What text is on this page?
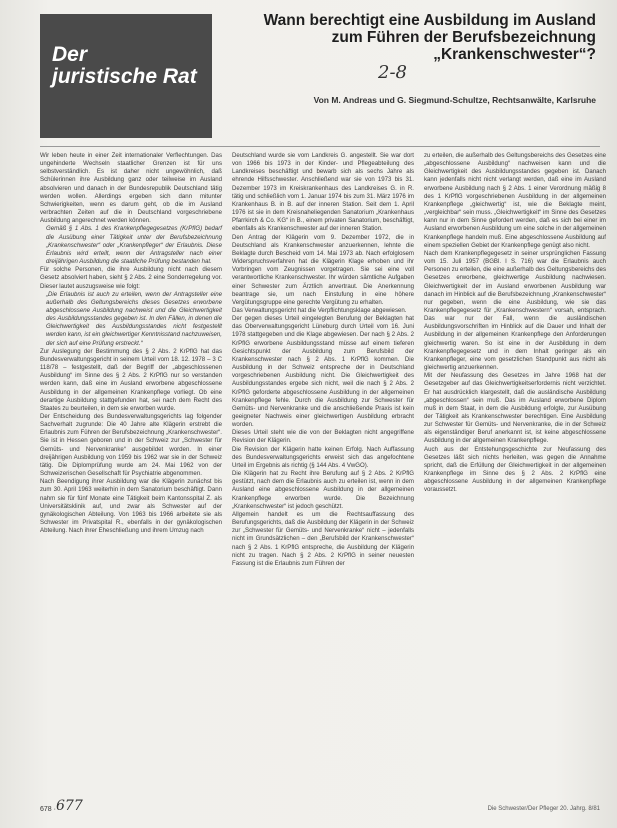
Der
juristische Rat
Wann berechtigt eine Ausbildung im Ausland
zum Führen der Berufsbezeichnung
„Krankenschwester“?
2-8
Von M. Andreas und G. Siegmund-Schultze, Rechtsanwälte, Karlsruhe

Wir leben heute in einer Zeit internationaler Verflechtungen. Das ungehinderte Wechseln staatlicher Grenzen ist für uns selbstverständlich. Es ist daher nicht ungewöhnlich, daß Schülerinnen ihre Ausbildung ganz oder teilweise im Ausland absolvieren und danach in der Bundesrepublik Deutschland tätig werden wollen. Allerdings ergeben sich dann mitunter Schwierigkeiten, wenn es darum geht, ob die im Ausland verbrachten Zeiten auf die in Deutschland vorgeschriebene Ausbildung angerechnet werden können.

Gemäß § 1 Abs. 1 des Krankenpflegegesetzes (KrPflG) bedarf die Ausübung einer Tätigkeit unter der Berufsbezeichnung „Krankenschwester“ oder „Krankenpfleger“ der Erlaubnis. Diese Erlaubnis wird erteilt, wenn der Antragsteller nach einer dreijährigen Ausbildung die staatliche Prüfung bestanden hat.

Für solche Personen, die ihre Ausbildung nicht nach diesem Gesetz absolviert haben, sieht § 2 Abs. 2 eine Sonderregelung vor. Dieser lautet auszugsweise wie folgt:

„Die Erlaubnis ist auch zu erteilen, wenn der Antragsteller eine außerhalb des Geltungsbereichs dieses Gesetzes erworbene abgeschlossene Ausbildung nachweist und die Gleichwertigkeit des Ausbildungsstandes gegeben ist. In den Fällen, in denen die Gleichwertigkeit des Ausbildungsstandes nicht festgestellt werden kann, ist ein gleichwertiger Kenntnisstand nachzuweisen, der sich auf eine Prüfung erstreckt.“

Zur Auslegung der Bestimmung des § 2 Abs. 2 KrPflG hat das Bundesverwaltungsgericht in seinem Urteil vom 18. 12. 1978 – 3 C 118/78 – festgestellt, daß der Begriff der „abgeschlossenen Ausbildung“ im Sinne des § 2 Abs. 2 KrPflG nur so verstanden werden kann, daß eine im Ausland erworbene abgeschlossene Ausbildung in der allgemeinen Krankenpflege vorliegt. Ob eine derartige Ausbildung stattgefunden hat, sei nach dem Recht des Staates zu beurteilen, in dem sie erworben wurde.

Der Entscheidung des Bundesverwaltungsgerichts lag folgender Sachverhalt zugrunde: Die 40 Jahre alte Klägerin erstrebt die Erlaubnis zum Führen der Berufsbezeichnung „Krankenschwester“. Sie ist in Hessen geboren und in der Schweiz zur „Schwester für Gemüts- und Nervenkranke“ ausgebildet worden. In einer dreijährigen Ausbildung von 1959 bis 1962 war sie in der Schweiz tätig. Die Diplomprüfung wurde am 24. Mai 1962 von der Schweizerischen Gesellschaft für Psychiatrie abgenommen.

Nach Beendigung ihrer Ausbildung war die Klägerin zunächst bis zum 30. April 1963 weiterhin in dem Sanatorium beschäftigt. Dann nahm sie für fünf Monate eine Tätigkeit beim Kantonsspital Z. als Universitätsklinik auf, und zwar als Schwester auf der gynäkologischen Abteilung. Von 1963 bis 1966 arbeitete sie als Schwester im Privatspital R., ebenfalls in der gynäkologischen Abteilung. Nach ihrer Eheschließung und ihrem Umzug nach

Deutschland wurde sie vom Landkreis G. angestellt. Sie war dort von 1966 bis 1973 in der Kinder- und Pflegeabteilung des Landkreises beschäftigt und bewarb sich als sechs Jahre als ehrende Hilfsschwester. Anschließend war sie von 1973 bis 31. Dezember 1973 im Kreiskrankenhaus des Landkreises G. in R. tätig und schließlich vom 1. Januar 1974 bis zum 31. März 1976 im Krankenhaus B. in B. auf der inneren Station. Seit dem 1. April 1976 ist sie in dem Kreisnaheliegenden Sanatorium „Krankenhaus Pfarrkirch & Co. KG“ in B., einem privaten Sanatorium, beschäftigt, ebenfalls als Krankenschwester auf der inneren Station.

Den Antrag der Klägerin vom 9. Dezember 1972, die in Deutschland als Krankenschwester anzuerkennen, lehnte die Beklagte durch Bescheid vom 14. Mai 1973 ab. Nach erfolglosem Widerspruchsverfahren hat die Klägerin Klage erhoben und ihr Vorbringen vom Zeugnissen vorgetragen. Sie sei eine voll verantwortliche Krankenschwester. Ihr würden sämtliche Aufgaben einer Schwester zum Ärztlich anvertraut. Die Anerkennung beantrage sie, um nach Einstufung in eine höhere Vergütungsgruppe eine gerechte Vergütung zu erhalten.

Das Verwaltungsgericht hat die Verpflichtungsklage abgewiesen.

Der gegen dieses Urteil eingelegten Berufung der Beklagten hat das Oberverwaltungsgericht Lüneburg durch Urteil vom 16. Juni 1978 stattgegeben und die Klage abgewiesen. Der nach § 2 Abs. 2 KrPflG erworbene Ausbildungsstand müsse auf einem tieferen Gesichtspunkt der Ausbildung zum Berufsbild der Krankenschwester nach § 2 Abs. 1 KrPflG kommen. Die Ausbildung in der Schweiz entspreche der in Deutschland vorgeschriebenen Ausbildung nicht. Die Gleichwertigkeit des Ausbildungsstandes ergebe sich nicht, weil die nach § 2 Abs. 2 KrPflG geforderte abgeschlossene Ausbildung in der allgemeinen Krankenpflege fehle. Durch die Ausbildung zur Schwester für Gemüts- und Nervenkranke und die anschließende Praxis ist kein geeigneter Nachweis einer gleichwertigen Ausbildung erbracht worden.

Dieses Urteil steht wie die von der Beklagten nicht angegriffene Revision der Klägerin.

Die Revision der Klägerin hatte keinen Erfolg. Nach Auffassung des Bundesverwaltungsgerichts erweist sich das angefochtene Urteil im Ergebnis als richtig (§ 144 Abs. 4 VwGO).

Die Klägerin hat zu Recht ihre Berufung auf § 2 Abs. 2 KrPflG gestützt, nach dem die Erlaubnis auch zu erteilen ist, wenn in dem Ausland eine abgeschlossene Ausbildung in der allgemeinen Krankenpflege erworben wurde. Die Bezeichnung „Krankenschwester“ ist jedoch geschützt.

Allgemein handelt es um die Rechtsauffassung des Berufungsgerichts, daß die Ausbildung der Klägerin in der Schweiz zur „Schwester für Gemüts- und Nervenkranke“ nicht – jedenfalls nicht im Grundsätzlichen – den „Berufsbild der Krankenschwester“ nach § 2 Abs. 1 KrPflG entspreche, die Ausbildung der Klägerin nicht zu tragen. Nach § 2 Abs. 2 KrPflG in seiner neuesten Fassung ist die Erlaubnis zum Führen der

zu erteilen, die außerhalb des Geltungsbereichs des Gesetzes eine „abgeschlossene Ausbildung“ nachweisen kann und die Gleichwertigkeit des Ausbildungsstandes gegeben ist. Danach kann jedenfalls nicht nicht verlangt werden, daß eine im Ausland erworbene Ausbildung nach § 2 Abs. 1 einer Verordnung mäßig 8 des 1 KrPflG vorgeschriebenen Ausbildung in der allgemeinen Krankenpflege „gleichwertig“ ist, wie die Beklagte meint, „vergleichbar“ sein muss. „Gleichwertigkeit“ im Sinne des Gesetzes kann nur in dem Sinne gefordert werden, daß es sich bei einer im Ausland erworbenen Ausbildung um eine solche in der allgemeinen Krankenpflege handeln muß. Eine abgeschlossene Ausbildung auf einem speziellen Gebiet der Krankenpflege genügt also nicht.

Nach dem Krankenpflegegesetz in seiner ursprünglichen Fassung vom 15. Juli 1957 (BGBl. I S. 716) war die Erlaubnis auch Personen zu erteilen, die eine außerhalb des Geltungsbereichs des Gesetzes erworbene, gleichwertige Ausbildung nachwiesen. Gleichwertigkeit der im Ausland erworbenen Ausbildung war danach im Hinblick auf die Berufsbezeichnung „Krankenschwester“ nur gegeben, wenn die eine Ausbildung, wie sie das Krankenpflegegesetz für „Krankenschwestern“ vorsah, entsprach. Das war nur der Fall, wenn die ausländischen Ausbildungsvorschriften im Hinblick auf die Dauer und Inhalt der Ausbildung in der allgemeinen Krankenpflege den Anforderungen gleichwertig waren. So ist eine in der Ausbildung in dem Krankenpflegegesetz und in dem Inhalt geringer als ein Krankenpfleger, eine vom gesetzlichen Standpunkt aus nicht als gleichwertig anzuerkennen.

Mit der Neufassung des Gesetzes im Jahre 1968 hat der Gesetzgeber auf das Gleichwertigkeitserfordernis nicht verzichtet. Er hat ausdrücklich klargestellt, daß die ausländische Ausbildung „abgeschlossen“ sein muß. Das im Ausland erworbene Diplom muß in dem Staat, in dem die Ausbildung erfolgte, zur Ausübung der Tätigkeit als Krankenschwester berechtigen. Eine Ausbildung zur Schwester für Gemüts- und Nervenkranke, die in der Schweiz als eigenständiger Beruf anerkannt ist, ist keine abgeschlossene Ausbildung in der allgemeinen Krankenpflege.

Auch aus der Entstehungsgeschichte zur Neufassung des Gesetzes läßt sich nichts herleiten, was gegen die Annahme spricht, daß die Erfüllung der Gleichwertigkeit in der allgemeinen Krankenpflege im Sinne des § 2 Abs. 2 KrPflG eine abgeschlossene Ausbildung in der allgemeinen Krankenpflege voraussetzt.

678 · 677	Die Schwester/Der Pfleger 20. Jahrg. 8/81
